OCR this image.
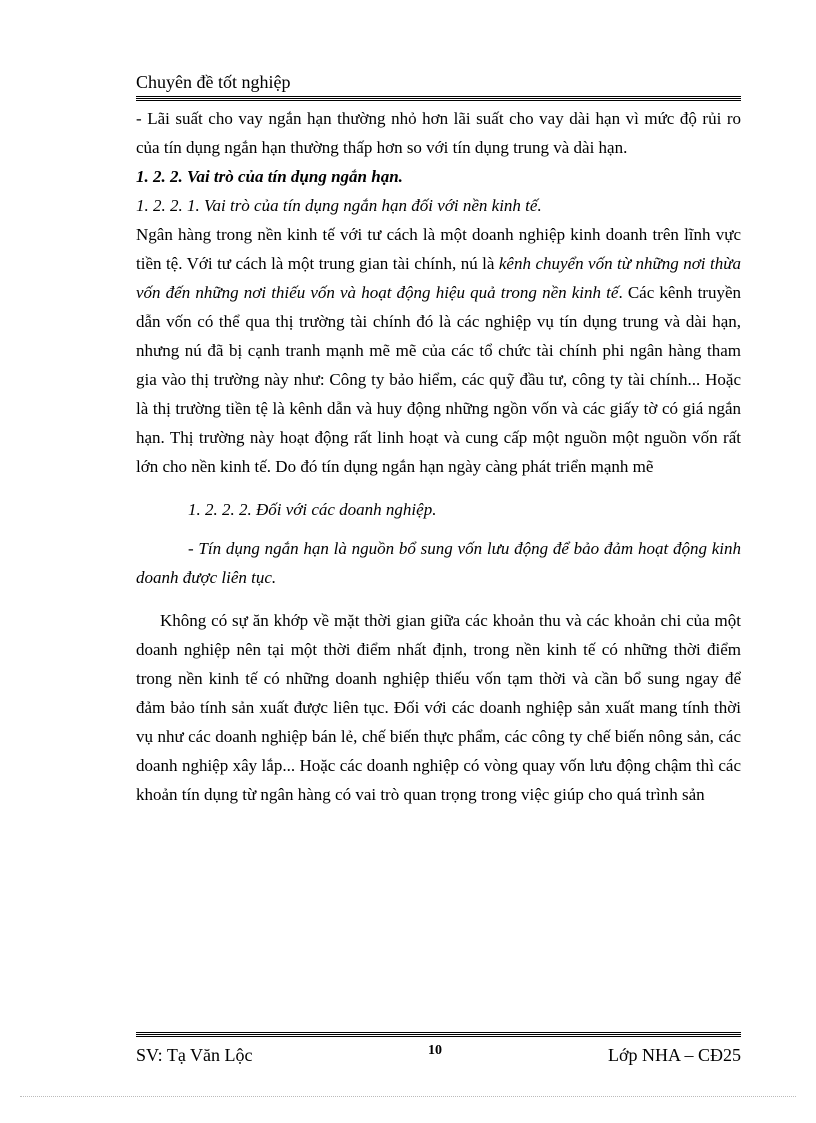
Chuyên đề tốt nghiệp

- Lãi suất cho vay ngắn hạn thường nhỏ hơn lãi suất cho vay dài hạn vì mức độ rủi ro của tín dụng ngắn hạn thường thấp hơn so với tín dụng trung và dài hạn.

1. 2. 2. Vai trò của tín dụng ngắn hạn.

1. 2. 2. 1. Vai trò của tín dụng ngắn hạn đối với nền kinh tế.

Ngân hàng trong nền kinh tế với tư cách là một doanh nghiệp kinh doanh trên lĩnh vực tiền tệ. Với tư cách là một trung gian tài chính, nú là kênh chuyển vốn từ những nơi thừa vốn đến những nơi thiếu vốn và hoạt động hiệu quả trong nền kinh tế. Các kênh truyền dẫn vốn có thể qua thị trường tài chính đó là các nghiệp vụ tín dụng trung và dài hạn, nhưng nú đã bị cạnh tranh mạnh mẽ mẽ của các tổ chức tài chính phi ngân hàng tham gia vào thị trường này như: Công ty bảo hiểm, các quỹ đầu tư, công ty tài chính... Hoặc là thị trường tiền tệ là kênh dẫn và huy động những ngồn vốn và các giấy tờ có giá ngắn hạn. Thị trường này hoạt động rất linh hoạt và cung cấp một nguồn một nguồn vốn rất lớn cho nền kinh tế. Do đó tín dụng ngắn hạn ngày càng phát triển mạnh mẽ

1. 2. 2. 2. Đối với các doanh nghiệp.

- Tín dụng ngắn hạn là nguồn bổ sung vốn lưu động để bảo đảm hoạt động kinh doanh được liên tục.

Không có sự ăn khớp về mặt thời gian giữa các khoản thu và các khoản chi của một doanh nghiệp nên tại một thời điểm nhất định, trong nền kinh tế có những thời điểm trong nền kinh tế có những doanh nghiệp thiếu vốn tạm thời và cần bổ sung ngay để đảm bảo tính sản xuất được liên tục. Đối với các doanh nghiệp sản xuất mang tính thời vụ như các doanh nghiệp bán lẻ, chế biến thực phẩm, các công ty chế biến nông sản, các doanh nghiệp xây lắp... Hoặc các doanh nghiệp có vòng quay vốn lưu động chậm thì các khoản tín dụng từ ngân hàng có vai trò quan trọng trong việc giúp cho quá trình sản

SV: Tạ Văn Lộc	10	Lớp NHA – CĐ25
